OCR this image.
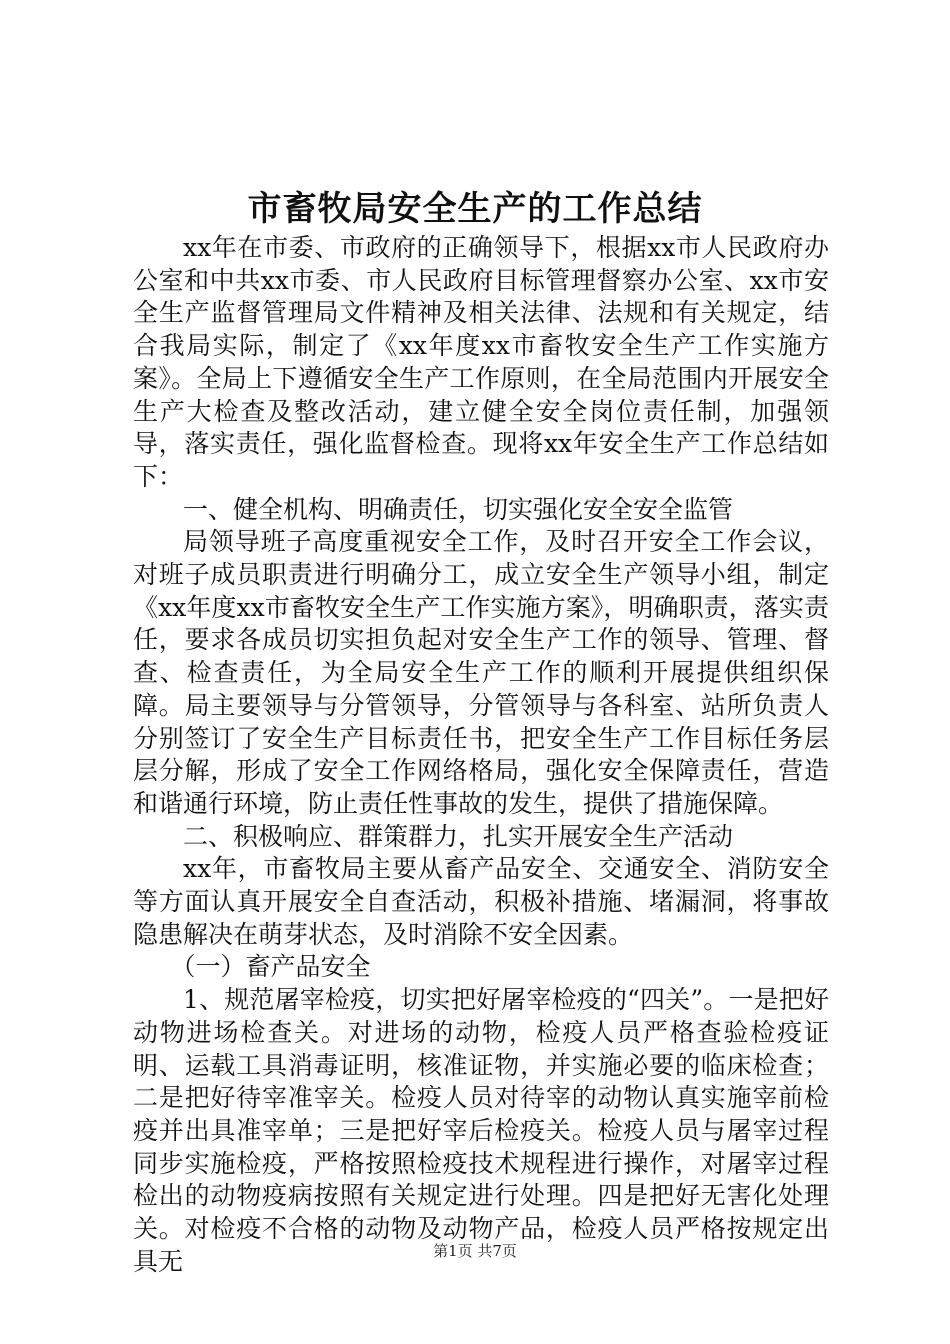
市畜牧局安全生产的工作总结

xx年在市委、市政府的正确领导下，根据xx市人民政府办公室和中共xx市委、市人民政府目标管理督察办公室、xx市安全生产监督管理局文件精神及相关法律、法规和有关规定，结合我局实际，制定了《xx年度xx市畜牧安全生产工作实施方案》。全局上下遵循安全生产工作原则，在全局范围内开展安全生产大检查及整改活动，建立健全安全岗位责任制，加强领导，落实责任，强化监督检查。现将xx年安全生产工作总结如下：

一、健全机构、明确责任，切实强化安全安全监管

局领导班子高度重视安全工作，及时召开安全工作会议，对班子成员职责进行明确分工，成立安全生产领导小组，制定《xx年度xx市畜牧安全生产工作实施方案》，明确职责，落实责任，要求各成员切实担负起对安全生产工作的领导、管理、督查、检查责任，为全局安全生产工作的顺利开展提供组织保障。局主要领导与分管领导，分管领导与各科室、站所负责人分别签订了安全生产目标责任书，把安全生产工作目标任务层层分解，形成了安全工作网络格局，强化安全保障责任，营造和谐通行环境，防止责任性事故的发生，提供了措施保障。

二、积极响应、群策群力，扎实开展安全生产活动

xx年，市畜牧局主要从畜产品安全、交通安全、消防安全等方面认真开展安全自查活动，积极补措施、堵漏洞，将事故隐患解决在萌芽状态，及时消除不安全因素。

（一）畜产品安全

1、规范屠宰检疫，切实把好屠宰检疫的“四关”。一是把好动物进场检查关。对进场的动物，检疫人员严格查验检疫证明、运载工具消毒证明，核准证物，并实施必要的临床检查；二是把好待宰准宰关。检疫人员对待宰的动物认真实施宰前检疫并出具准宰单；三是把好宰后检疫关。检疫人员与屠宰过程同步实施检疫，严格按照检疫技术规程进行操作，对屠宰过程检出的动物疫病按照有关规定进行处理。四是把好无害化处理关。对检疫不合格的动物及动物产品，检疫人员严格按规定出具无	第1页 共7页
